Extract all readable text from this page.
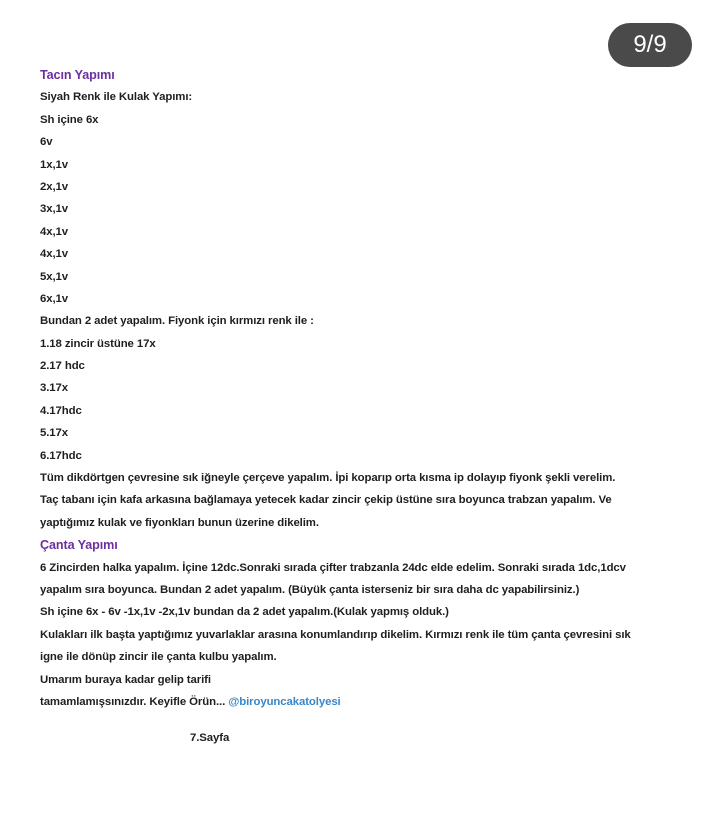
9/9
Tacın Yapımı
Siyah Renk ile Kulak Yapımı:
Sh içine 6x
6v
1x,1v
2x,1v
3x,1v
4x,1v
4x,1v
5x,1v
6x,1v
Bundan 2 adet yapalım. Fiyonk için kırmızı renk ile :
1.18 zincir üstüne 17x
2.17 hdc
3.17x
4.17hdc
5.17x
6.17hdc
Tüm dikdörtgen çevresine sık iğneyle çerçeve yapalım. İpi koparıp orta kısma ip dolayıp fiyonk şekli verelim.
Taç tabanı için kafa arkasına bağlamaya yetecek kadar zincir çekip üstüne sıra boyunca trabzan yapalım. Ve
yaptığımız kulak ve fiyonkları bunun üzerine dikelim.
Çanta Yapımı
6 Zincirden halka yapalım. İçine 12dc.Sonraki sırada çifter trabzanla 24dc elde edelim. Sonraki sırada 1dc,1dcv
yapalım sıra boyunca. Bundan 2 adet yapalım. (Büyük çanta isterseniz bir sıra daha dc yapabilirsiniz.)
Sh içine 6x - 6v -1x,1v -2x,1v bundan da 2 adet yapalım.(Kulak yapmış olduk.)
Kulakları ilk başta yaptığımız yuvarlaklar arasına konumlandırıp dikelim. Kırmızı renk ile tüm çanta çevresini sık
igne ile dönüp zincir ile çanta kulbu yapalım.
Umarım buraya kadar gelip tarifi
tamamlamışsınızdır. Keyifle Örün... @biroyuncakatolyesi
7.Sayfa
